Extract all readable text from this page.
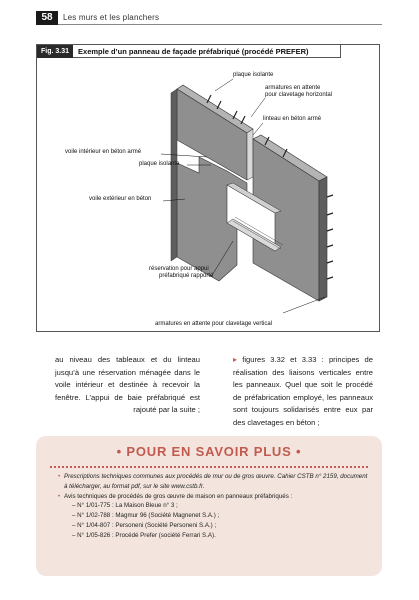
58	Les murs et les planchers
Fig. 3.31	Exemple d’un panneau de façade préfabriqué (procédé PREFER)
plaque isolante
armatures en attente
pour clavetage horizontal
linteau en béton armé
voile intérieur en béton armé
plaque isolante
voile extérieur en béton
réservation pour appui
préfabriqué rapporté
armatures en attente pour clavetage vertical
au niveau des tableaux et du linteau jusqu’à une réservation ménagée dans le voile intérieur et destinée à recevoir la fenêtre. L’appui de baie préfabriqué est rajouté par la suite ;
▸ figures 3.32 et 3.33 : principes de réalisation des liaisons verticales entre les panneaux. Quel que soit le procédé de préfabrication employé, les panneaux sont toujours solidarisés entre eux par des clavetages en béton ;
• POUR EN SAVOIR PLUS •
• Prescriptions techniques communes aux procédés de mur ou de gros œuvre. Cahier CSTB n° 2159, document à télécharger, au format pdf, sur le site www.cstb.fr.
• Avis techniques de procédés de gros œuvre de maison en panneaux préfabriqués :
– N° 1/01-775 : La Maison Bleue n° 3 ;
– N° 1/02-788 : Magmur 96 (Société Magnenet S.A.) ;
– N° 1/04-807 : Personeni (Société Personeni S.A.) ;
– N° 1/05-826 : Procédé Prefer (société Ferrari S.A).
